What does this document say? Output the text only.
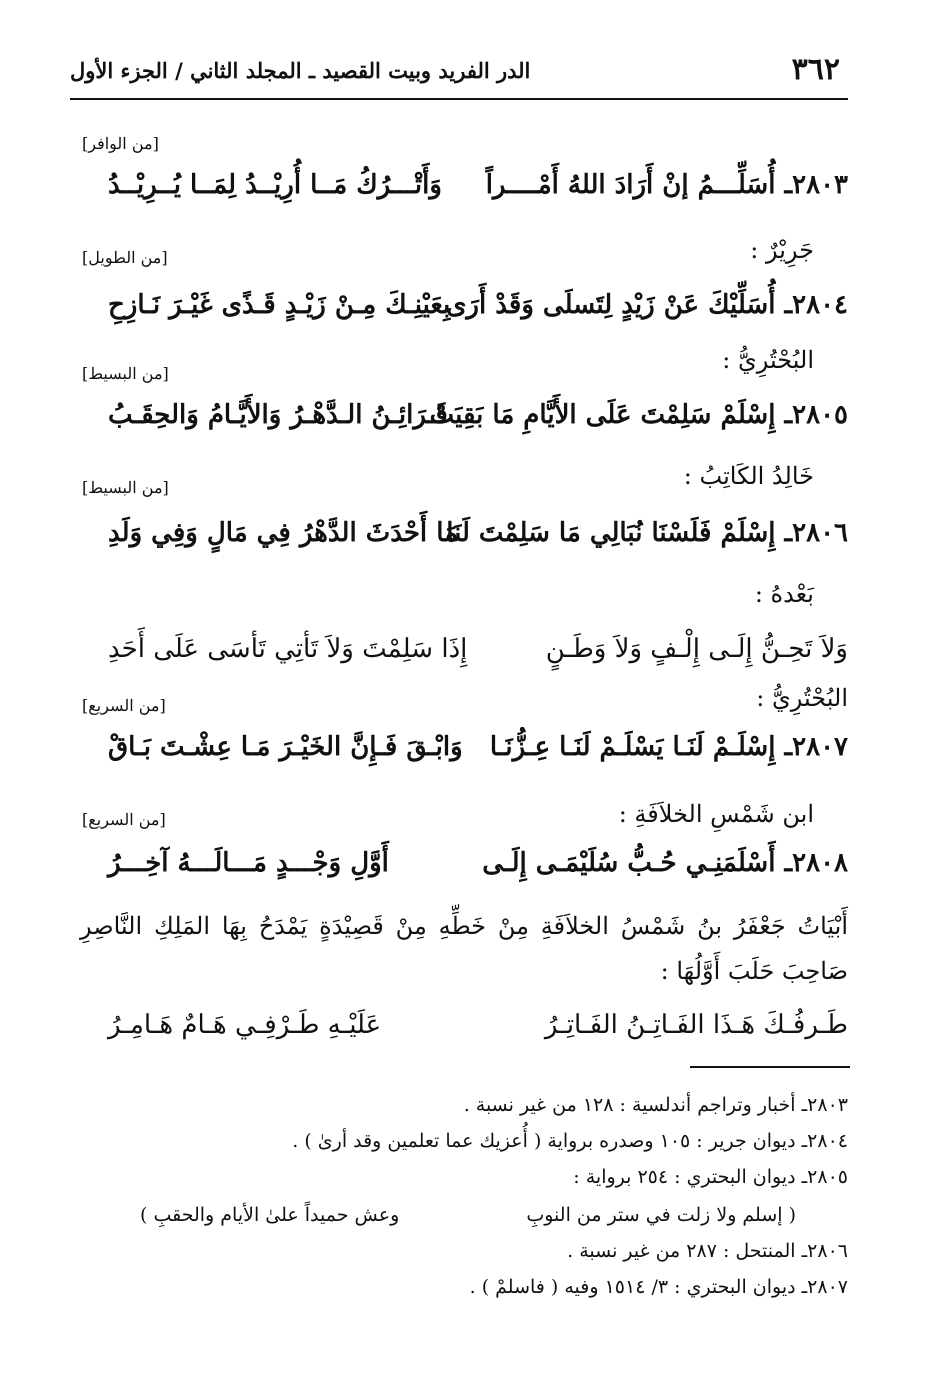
٣٦٢
الدر الفريد وبيت القصيد ـ المجلد الثاني / الجزء الأول
[من الوافر]
٢٨٠٣ـ أُسَلِّـــمُ إنْ أَرَادَ اللهُ أَمْــــراً
وَأَتْـــرُكُ مَــا أُرِيْــدُ لِمَــا يُــرِيْــدُ
جَرِيْرٌ :
[من الطويل]
٢٨٠٤ـ أُسَلِّيْكَ عَنْ زَيْدٍ لِتَسلَى وَقَدْ أَرَى
بِعَيْنِـكَ مِـنْ زَيْـدٍ قَـذًى غَيْـرَ نَـازِحِ
البُحْتُرِيُّ :
[من البسيط]
٢٨٠٥ـ إِسْلَمْ سَلِمْتَ عَلَى الأَيَّامِ مَا بَقِيَتْ
قَـرَائِـنُ الـدَّهْـرُ وَالأَيَّـامُ وَالحِقَـبُ
خَالِدُ الكَاتِبُ :
[من البسيط]
٢٨٠٦ـ إِسْلَمْ فَلَسْنَا نُبَالِي مَا سَلِمْتَ لَنَا
مَا أَحْدَثَ الدَّهْرُ فِي مَالٍ وَفِي وَلَدِ
بَعْدهُ :
وَلاَ تَحِـنُّ إِلَـى إِلْـفٍ وَلاَ وَطَـنٍ
إِذَا سَلِمْتَ وَلاَ تَأتِي تَأسَى عَلَى أَحَدِ
البُحْتُرِيُّ :
[من السريع]
٢٨٠٧ـ إِسْلَـمْ لَنَـا يَسْلَـمْ لَنَـا عِـزُّنَـا
وَابْـقَ فَـإِنَّ الخَيْـرَ مَـا عِشْـتَ بَـاقْ
ابن شَمْسِ الخلاَفَةِ :
[من السريع]
٢٨٠٨ـ أَسْلَمَنِـي حُـبُّ سُلَيْمَـى إِلَـى
أَوَّلِ وَجْـــدٍ مَـــالَـــهُ آخِـــرُ
أَبْيَاتُ جَعْفَرُ بنُ شَمْسُ الخلاَفَةِ مِنْ خَطِّهِ مِنْ قَصِيْدَةٍ يَمْدَحُ بِهَا المَلِكِ النَّاصِرِ صَاحِبَ حَلَبَ أَوَّلُهَا :
طَـرفُـكَ هَـذَا الفَـاتِـنُ الفَـاتِـرُ
عَلَيْـهِ طَـرْفِـي هَـامٌ هَـامِـرُ
٢٨٠٣ـ أخبار وتراجم أندلسية : ١٢٨ من غير نسبة .
٢٨٠٤ـ ديوان جرير : ١٠٥ وصدره برواية ( أُعزيك عما تعلمين وقد أرىٰ ) .
٢٨٠٥ـ ديوان البحتري : ٢٥٤ برواية :
( إسلم ولا زلت في ستر من النوبِ
وعش حميداً علىٰ الأيام والحقبِ )
٢٨٠٦ـ المنتحل : ٢٨٧ من غير نسبة .
٢٨٠٧ـ ديوان البحتري : ٣/ ١٥١٤ وفيه ( فاسلمْ ) .
